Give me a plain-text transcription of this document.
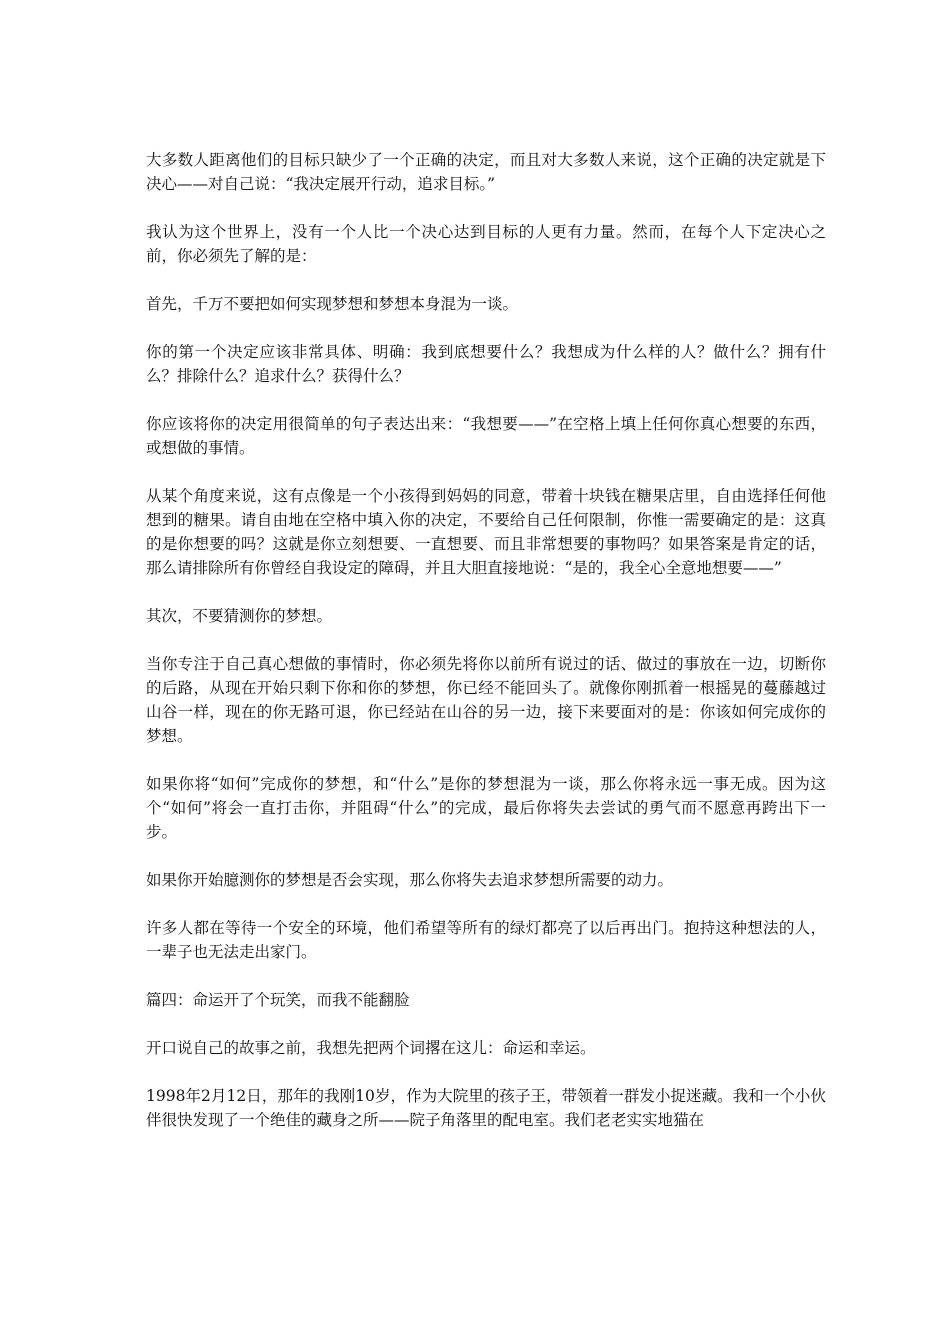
大多数人距离他们的目标只缺少了一个正确的决定，而且对大多数人来说，这个正确的决定就是下决心——对自己说：“我决定展开行动，追求目标。”

我认为这个世界上，没有一个人比一个决心达到目标的人更有力量。然而，在每个人下定决心之前，你必须先了解的是：

首先，千万不要把如何实现梦想和梦想本身混为一谈。

你的第一个决定应该非常具体、明确：我到底想要什么？我想成为什么样的人？做什么？拥有什么？排除什么？追求什么？获得什么？

你应该将你的决定用很简单的句子表达出来：“我想要——”在空格上填上任何你真心想要的东西，或想做的事情。

从某个角度来说，这有点像是一个小孩得到妈妈的同意，带着十块钱在糖果店里，自由选择任何他想到的糖果。请自由地在空格中填入你的决定，不要给自己任何限制，你惟一需要确定的是：这真的是你想要的吗？这就是你立刻想要、一直想要、而且非常想要的事物吗？如果答案是肯定的话，那么请排除所有你曾经自我设定的障碍，并且大胆直接地说：“是的，我全心全意地想要——”

其次，不要猜测你的梦想。

当你专注于自己真心想做的事情时，你必须先将你以前所有说过的话、做过的事放在一边，切断你的后路，从现在开始只剩下你和你的梦想，你已经不能回头了。就像你刚抓着一根摇晃的蔓藤越过山谷一样，现在的你无路可退，你已经站在山谷的另一边，接下来要面对的是：你该如何完成你的梦想。

如果你将“如何”完成你的梦想，和“什么”是你的梦想混为一谈，那么你将永远一事无成。因为这个“如何”将会一直打击你，并阻碍“什么”的完成，最后你将失去尝试的勇气而不愿意再跨出下一步。

如果你开始臆测你的梦想是否会实现，那么你将失去追求梦想所需要的动力。

许多人都在等待一个安全的环境，他们希望等所有的绿灯都亮了以后再出门。抱持这种想法的人，一辈子也无法走出家门。

篇四：命运开了个玩笑，而我不能翻脸

开口说自己的故事之前，我想先把两个词撂在这儿：命运和幸运。

1998年2月12日，那年的我刚10岁，作为大院里的孩子王，带领着一群发小捉迷藏。我和一个小伙伴很快发现了一个绝佳的藏身之所——院子角落里的配电室。我们老老实实地猫在
